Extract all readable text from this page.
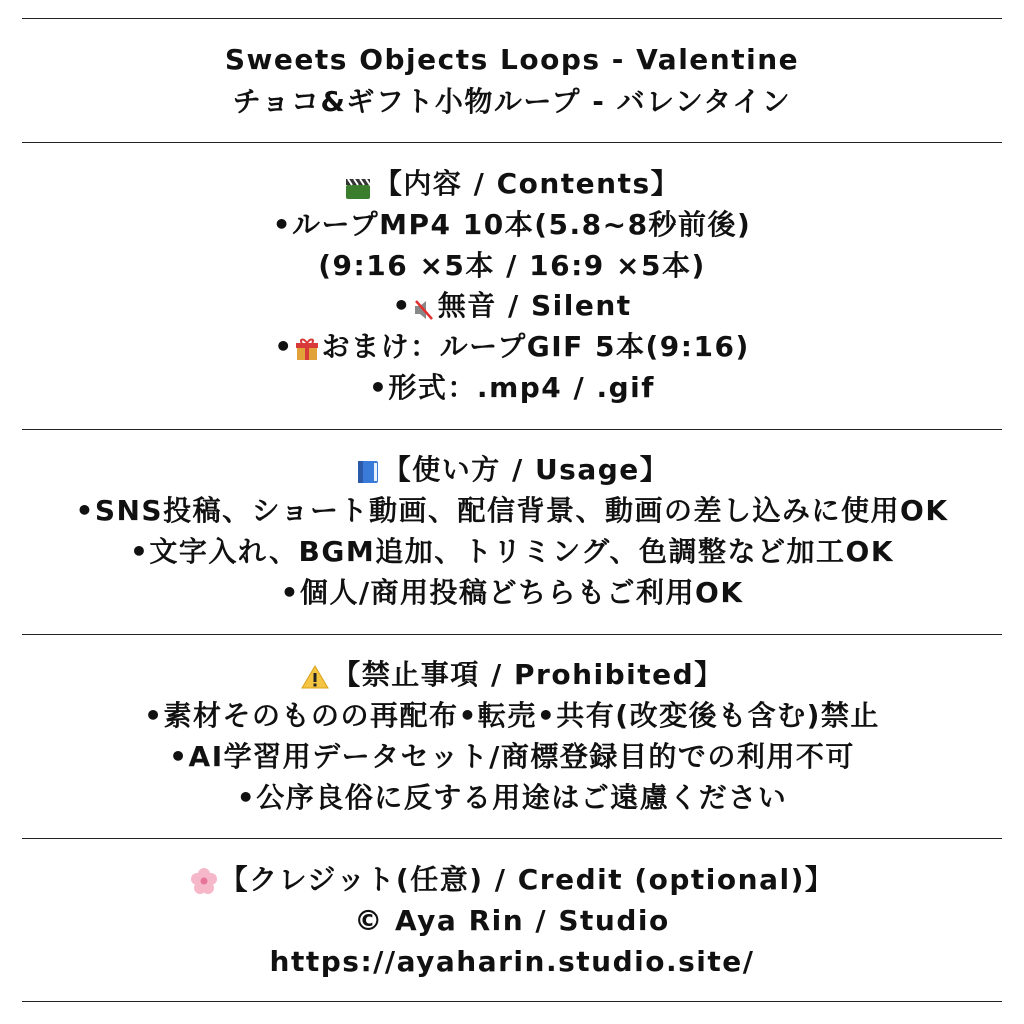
Sweets Objects Loops - Valentine
チョコ&ギフト小物ループ - バレンタイン
【内容 / Contents】
•ループMP4 10本(5.8~8秒前後)
(9:16 ×5本 / 16:9 ×5本)
• 無音 / Silent
• おまけ：ループGIF 5本(9:16)
•形式：.mp4 / .gif
【使い方 / Usage】
•SNS投稿、ショート動画、配信背景、動画の差し込みに使用OK
•文字入れ、BGM追加、トリミング、色調整など加工OK
•個人/商用投稿どちらもご利用OK
【禁止事項 / Prohibited】
•素材そのものの再配布•転売•共有(改変後も含む)禁止
•AI学習用データセット/商標登録目的での利用不可
•公序良俗に反する用途はご遠慮ください
【クレジット(任意) / Credit (optional)】
© Aya Rin / Studio
https://ayaharin.studio.site/
